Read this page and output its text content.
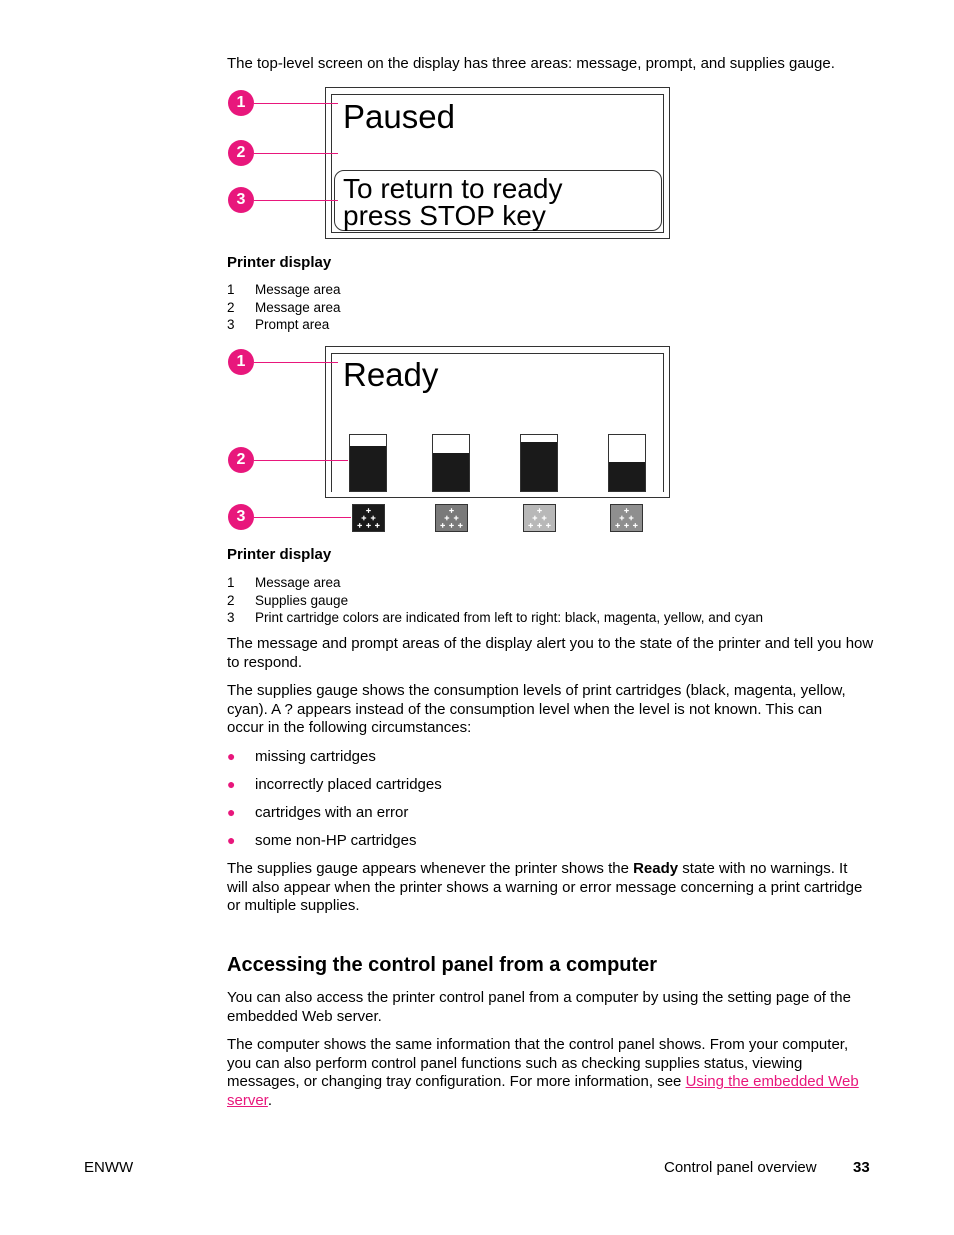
The top-level screen on the display has three areas: message, prompt, and supplies gauge.

Paused
To return to ready
press STOP key
1
2
3
Printer display
1 Message area
2 Message area
3 Prompt area
Ready
1
2
3
Printer display
1 Message area
2 Supplies gauge
3 Print cartridge colors are indicated from left to right: black, magenta, yellow, and cyan

The message and prompt areas of the display alert you to the state of the printer and tell you how to respond.

The supplies gauge shows the consumption levels of print cartridges (black, magenta, yellow, cyan). A ? appears instead of the consumption level when the level is not known. This can occur in the following circumstances:

● missing cartridges
● incorrectly placed cartridges
● cartridges with an error
● some non-HP cartridges

The supplies gauge appears whenever the printer shows the Ready state with no warnings. It will also appear when the printer shows a warning or error message concerning a print cartridge or multiple supplies.

Accessing the control panel from a computer

You can also access the printer control panel from a computer by using the setting page of the embedded Web server.

The computer shows the same information that the control panel shows. From your computer, you can also perform control panel functions such as checking supplies status, viewing messages, or changing tray configuration. For more information, see Using the embedded Web server.

ENWW	Control panel overview 33
